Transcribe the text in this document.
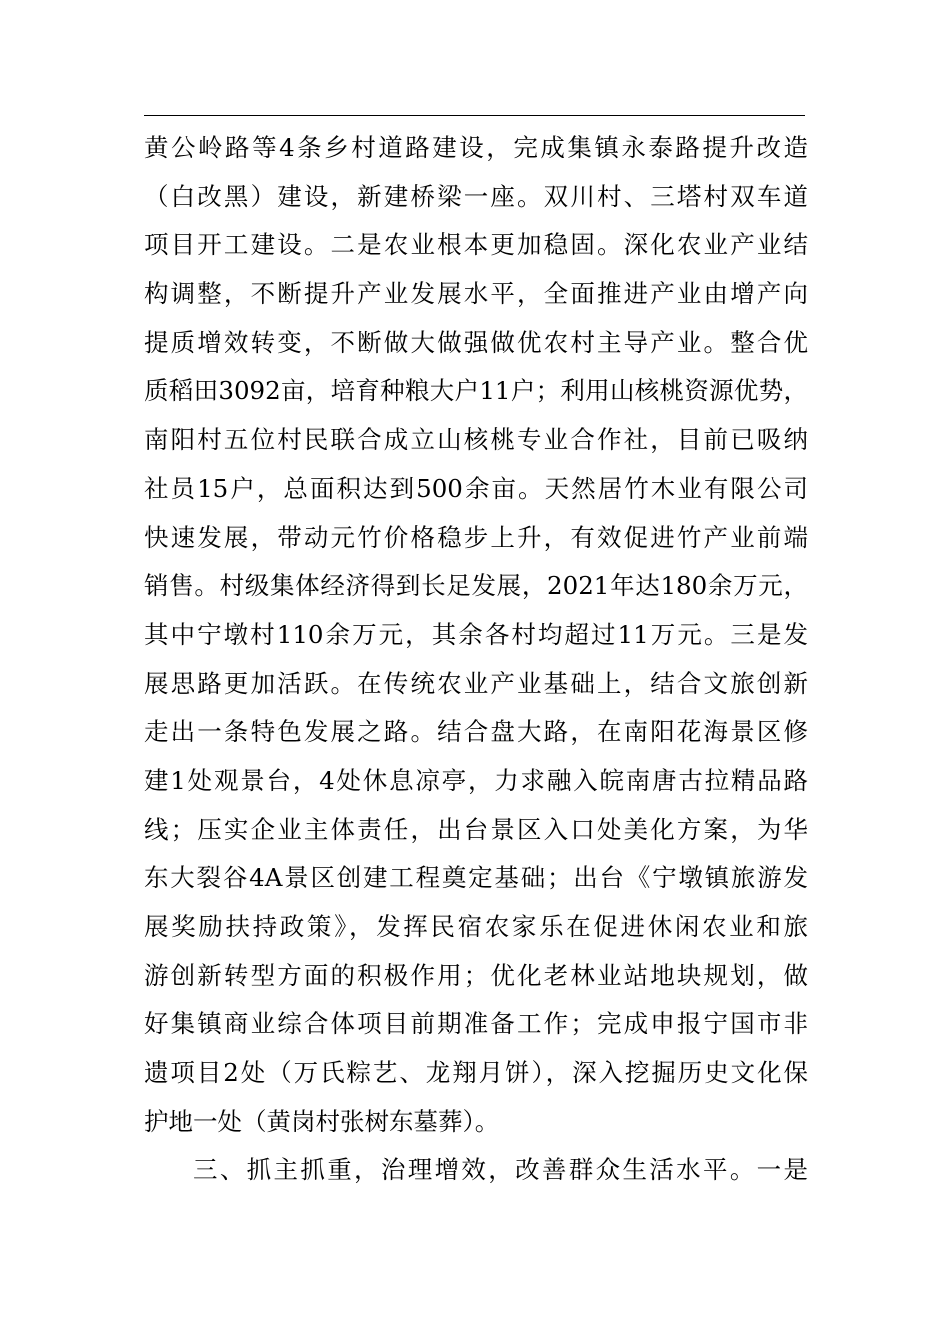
黄公岭路等4条乡村道路建设，完成集镇永泰路提升改造
（白改黑）建设，新建桥梁一座。双川村、三塔村双车道
项目开工建设。二是农业根本更加稳固。深化农业产业结
构调整，不断提升产业发展水平，全面推进产业由增产向
提质增效转变，不断做大做强做优农村主导产业。整合优
质稻田3092亩，培育种粮大户11户；利用山核桃资源优势，
南阳村五位村民联合成立山核桃专业合作社，目前已吸纳
社员15户，总面积达到500余亩。天然居竹木业有限公司
快速发展，带动元竹价格稳步上升，有效促进竹产业前端
销售。村级集体经济得到长足发展，2021年达180余万元，
其中宁墩村110余万元，其余各村均超过11万元。三是发
展思路更加活跃。在传统农业产业基础上，结合文旅创新
走出一条特色发展之路。结合盘大路，在南阳花海景区修
建1处观景台，4处休息凉亭，力求融入皖南唐古拉精品路
线；压实企业主体责任，出台景区入口处美化方案，为华
东大裂谷4A景区创建工程奠定基础；出台《宁墩镇旅游发
展奖励扶持政策》，发挥民宿农家乐在促进休闲农业和旅
游创新转型方面的积极作用；优化老林业站地块规划，做
好集镇商业综合体项目前期准备工作；完成申报宁国市非
遗项目2处（万氏粽艺、龙翔月饼），深入挖掘历史文化保
护地一处（黄岗村张树东墓葬）。
三、抓主抓重，治理增效，改善群众生活水平。一是
